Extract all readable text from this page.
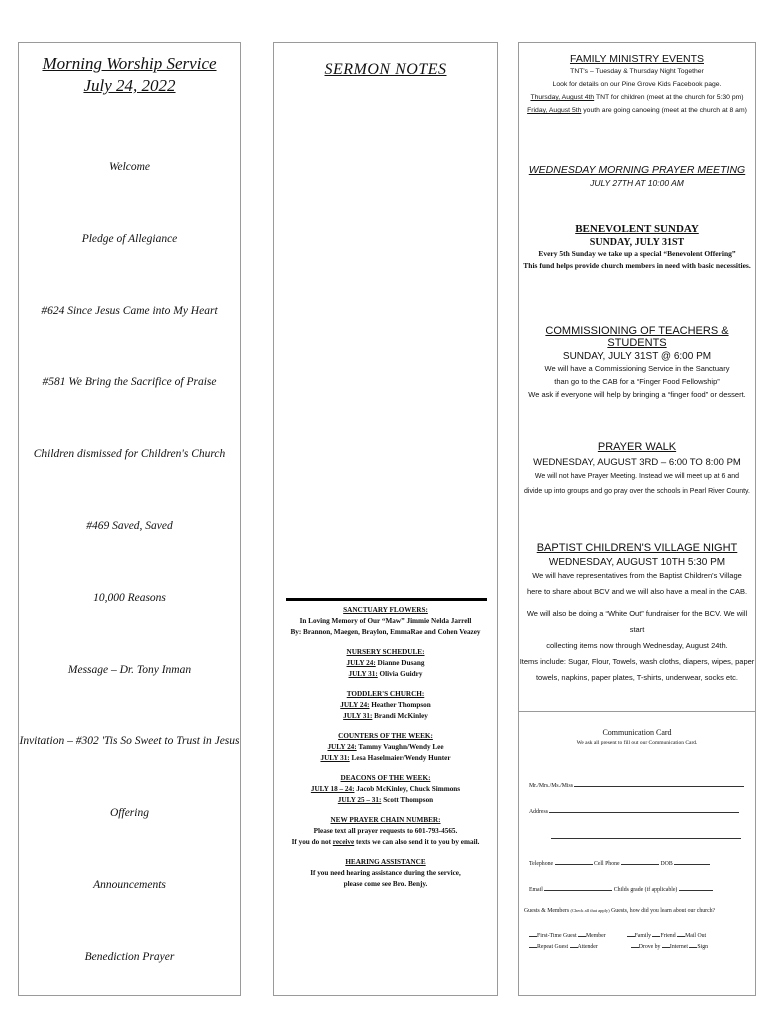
Morning Worship Service
July 24, 2022
Welcome
Pledge of Allegiance
#624 Since Jesus Came into My Heart
#581 We Bring the Sacrifice of Praise
Children dismissed for Children's Church
#469 Saved, Saved
10,000 Reasons
Message – Dr. Tony Inman
Invitation – #302 'Tis So Sweet to Trust in Jesus
Offering
Announcements
Benediction Prayer
SERMON NOTES
SANCTUARY FLOWERS:
In Loving Memory of Our “Maw” Jimmie Nelda Jarrell
By: Brannon, Maegen, Braylon, EmmaRae and Cohen Veazey
NURSERY SCHEDULE:
JULY 24: Dianne Dusang
JULY 31: Olivia Guidry
TODDLER'S CHURCH:
JULY 24: Heather Thompson
JULY 31: Brandi McKinley
COUNTERS OF THE WEEK:
JULY 24: Tammy Vaughn/Wendy Lee
JULY 31: Lesa Haselmaier/Wendy Hunter
DEACONS OF THE WEEK:
JULY 18 – 24: Jacob McKinley, Chuck Simmons
JULY 25 – 31: Scott Thompson
NEW PRAYER CHAIN NUMBER:
Please text all prayer requests to 601-793-4565.
If you do not receive texts we can also send it to you by email.
HEARING ASSISTANCE
If you need hearing assistance during the service,
please come see Bro. Benjy.
FAMILY MINISTRY EVENTS
TNT's – Tuesday & Thursday Night Together
Look for details on our Pine Grove Kids Facebook page.
Thursday, August 4th TNT for children (meet at the church for 5:30 pm)
Friday, August 5th youth are going canoeing (meet at the church at 8 am)
WEDNESDAY MORNING PRAYER MEETING
JULY 27TH AT 10:00 AM
BENEVOLENT SUNDAY
SUNDAY, JULY 31ST
Every 5th Sunday we take up a special “Benevolent Offering”
This fund helps provide church members in need with basic necessities.
COMMISSIONING OF TEACHERS & STUDENTS
SUNDAY, JULY 31ST @ 6:00 PM
We will have a Commissioning Service in the Sanctuary
than go to the CAB for a “Finger Food Fellowship”
We ask if everyone will help by bringing a “finger food” or dessert.
PRAYER WALK
WEDNESDAY, AUGUST 3RD – 6:00 TO 8:00 PM
We will not have Prayer Meeting. Instead we will meet up at 6 and
divide up into groups and go pray over the schools in Pearl River County.
BAPTIST CHILDREN'S VILLAGE NIGHT
WEDNESDAY, AUGUST 10TH 5:30 PM
We will have representatives from the Baptist Children's Village
here to share about BCV and we will also have a meal in the CAB.
We will also be doing a “White Out” fundraiser for the BCV. We will start
collecting items now through Wednesday, August 24th.
Items include: Sugar, Flour, Towels, wash cloths, diapers, wipes, paper
towels, napkins, paper plates, T-shirts, underwear, socks etc.
Communication Card
We ask all present to fill out our Communication Card.
Mr./Mrs./Ms./Miss
Address
Telephone	Cell Phone	DOB
Email	Childs grade (if applicable)
Guests & Members (Check all that apply) Guests, how did you learn about our church?
First-Time Guest Member	Family Friend Mail Out
Repeat Guest Attender	Drove by Internet Sign
